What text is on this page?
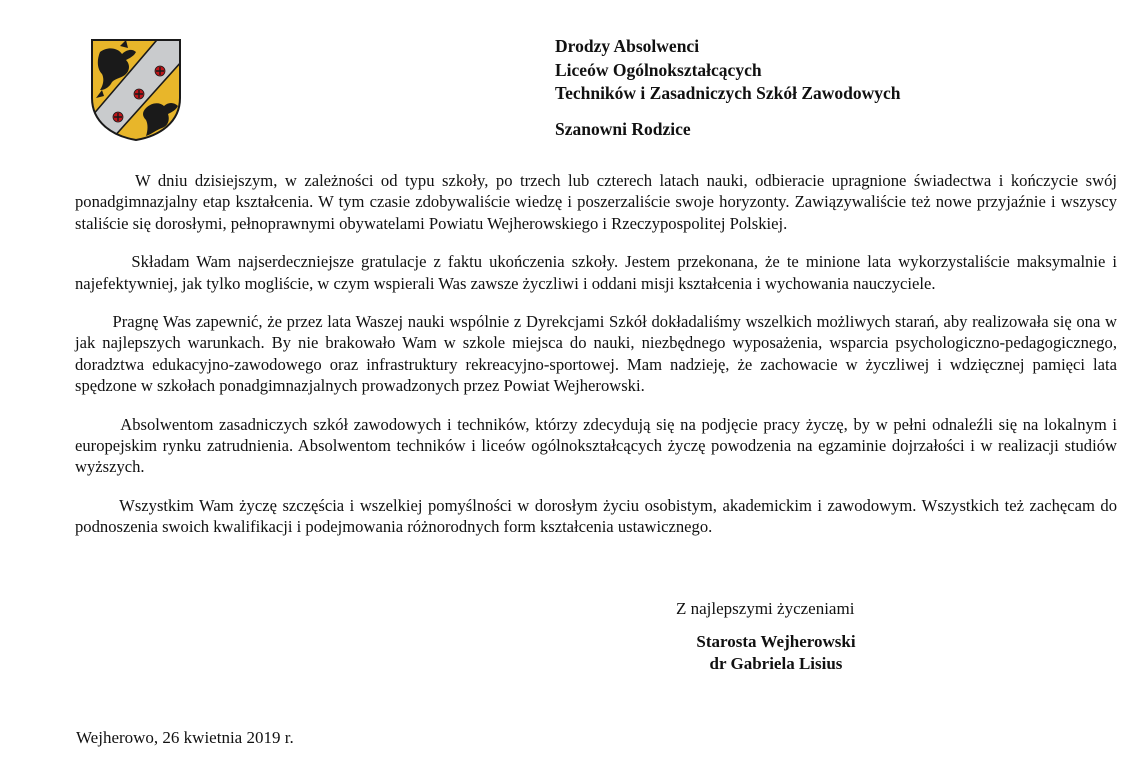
Drodzy Absolwenci
Liceów Ogólnokształcących
Techników i Zasadniczych Szkół Zawodowych
Szanowni Rodzice

W dniu dzisiejszym, w zależności od typu szkoły, po trzech lub czterech latach nauki, odbieracie upragnione świadectwa i kończycie swój ponadgimnazjalny etap kształcenia. W tym czasie zdobywaliście wiedzę i poszerzaliście swoje horyzonty. Zawiązywaliście też nowe przyjaźnie i wszyscy staliście się dorosłymi, pełnoprawnymi obywatelami Powiatu Wejherowskiego i Rzeczypospolitej Polskiej.

Składam Wam najserdeczniejsze gratulacje z faktu ukończenia szkoły. Jestem przekonana, że te minione lata wykorzystaliście maksymalnie i najefektywniej, jak tylko mogliście, w czym wspierali Was zawsze życzliwi i oddani misji kształcenia i wychowania nauczyciele.

Pragnę Was zapewnić, że przez lata Waszej nauki wspólnie z Dyrekcjami Szkół dokładaliśmy wszelkich możliwych starań, aby realizowała się ona w jak najlepszych warunkach. By nie brakowało Wam w szkole miejsca do nauki, niezbędnego wyposażenia, wsparcia psychologiczno-pedagogicznego, doradztwa edukacyjno-zawodowego oraz infrastruktury rekreacyjno-sportowej. Mam nadzieję, że zachowacie w życzliwej i wdzięcznej pamięci lata spędzone w szkołach ponadgimnazjalnych prowadzonych przez Powiat Wejherowski.

Absolwentom zasadniczych szkół zawodowych i techników, którzy zdecydują się na podjęcie pracy życzę, by w pełni odnaleźli się na lokalnym i europejskim rynku zatrudnienia. Absolwentom techników i liceów ogólnokształcących życzę powodzenia na egzaminie dojrzałości i w realizacji studiów wyższych.

Wszystkim Wam życzę szczęścia i wszelkiej pomyślności w dorosłym życiu osobistym, akademickim i zawodowym. Wszystkich też zachęcam do podnoszenia swoich kwalifikacji i podejmowania różnorodnych form kształcenia ustawicznego.

Z najlepszymi życzeniami
Starosta Wejherowski
dr Gabriela Lisius
Wejherowo, 26 kwietnia 2019 r.
